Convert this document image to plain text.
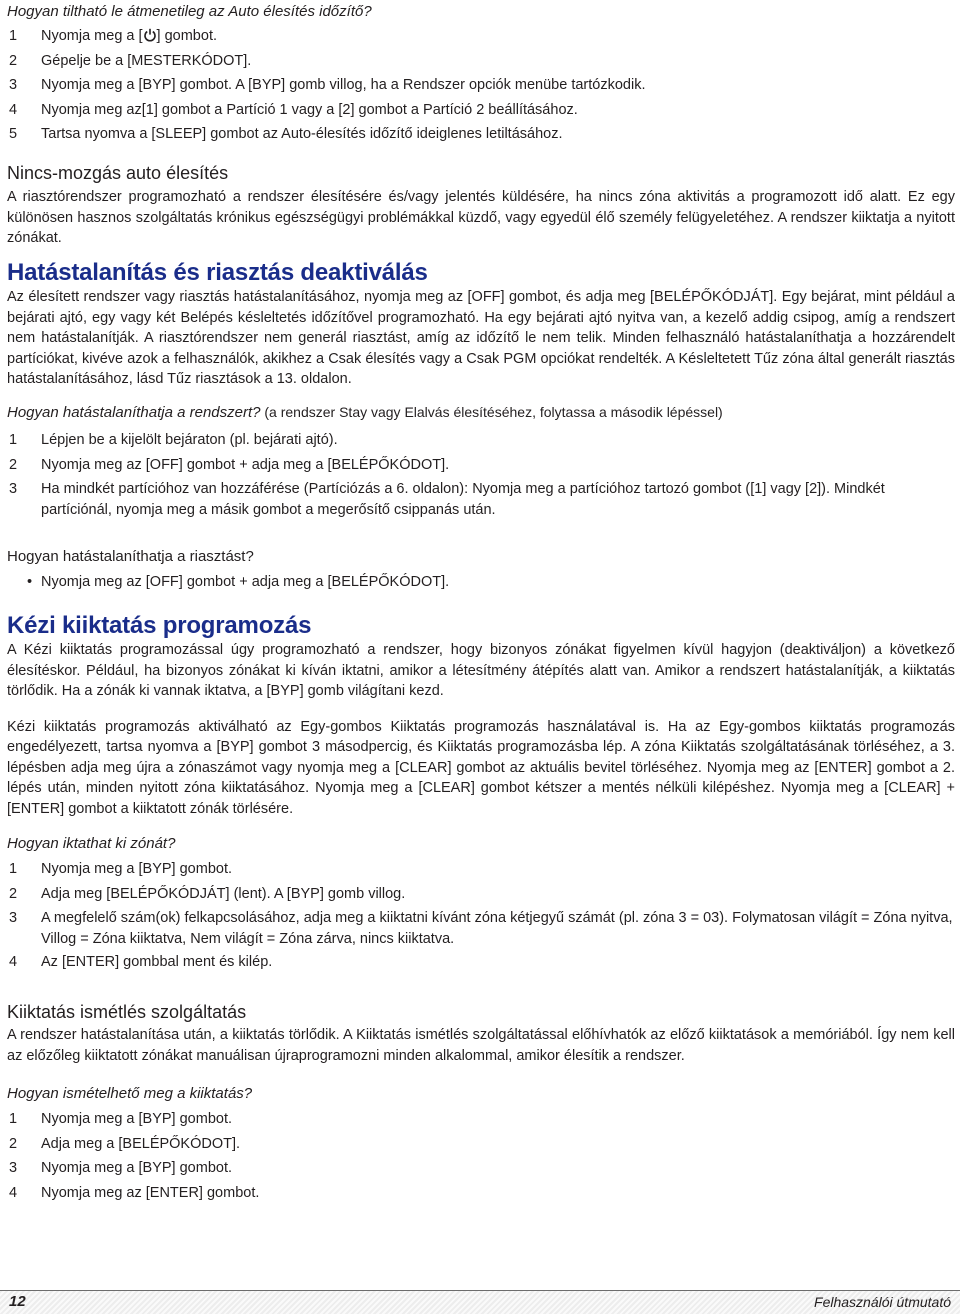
Hogyan tiltható le átmenetileg az Auto élesítés időzítő?

1 Nyomja meg a [ ] gombot.
2 Gépelje be a [MESTERKÓDOT].
3 Nyomja meg a [BYP] gombot. A [BYP] gomb villog, ha a Rendszer opciók menübe tartózkodik.
4 Nyomja meg az[1] gombot a Partíció 1 vagy a [2] gombot a Partíció 2 beállításához.
5 Tartsa nyomva a [SLEEP] gombot az Auto-élesítés időzítő ideiglenes letiltásához.
Nincs-mozgás auto élesítés

A riasztórendszer programozható a rendszer élesítésére és/vagy jelentés küldésére, ha nincs zóna aktivitás a programozott idő alatt. Ez egy különösen hasznos szolgáltatás krónikus egészségügyi problémákkal küzdő, vagy egyedül élő személy felügyeletéhez. A rendszer kiiktatja a nyitott zónákat.

Hatástalanítás és riasztás deaktiválás

Az élesített rendszer vagy riasztás hatástalanításához, nyomja meg az [OFF] gombot, és adja meg [BELÉPŐKÓDJÁT]. Egy bejárat, mint például a bejárati ajtó, egy vagy két Belépés késleltetés időzítővel programozható. Ha egy bejárati ajtó nyitva van, a kezelő addig csipog, amíg a rendszert nem hatástalanítják. A riasztórendszer nem generál riasztást, amíg az időzítő le nem telik. Minden felhasználó hatástalaníthatja a hozzárendelt partíciókat, kivéve azok a felhasználók, akikhez a Csak élesítés vagy a Csak PGM opciókat rendelték. A Késleltetett Tűz zóna által generált riasztás hatástalanításához, lásd Tűz riasztások a 13. oldalon.

Hogyan hatástalaníthatja a rendszert? (a rendszer Stay vagy Elalvás élesítéséhez, folytassa a második lépéssel)

1 Lépjen be a kijelölt bejáraton (pl. bejárati ajtó).
2 Nyomja meg az [OFF] gombot + adja meg a [BELÉPŐKÓDOT].
3 Ha mindkét partícióhoz van hozzáférése (Partíciózás a 6. oldalon): Nyomja meg a partícióhoz tartozó gombot ([1] vagy [2]). Mindkét partíciónál, nyomja meg a másik gombot a megerősítő csippanás után.

Hogyan hatástalaníthatja a riasztást?

• Nyomja meg az [OFF] gombot + adja meg a [BELÉPŐKÓDOT].
Kézi kiiktatás programozás

A Kézi kiiktatás programozással úgy programozható a rendszer, hogy bizonyos zónákat figyelmen kívül hagyjon (deaktiváljon) a következő élesítéskor. Például, ha bizonyos zónákat ki kíván iktatni, amikor a létesítmény átépítés alatt van. Amikor a rendszert hatástalanítják, a kiiktatás törlődik. Ha a zónák ki vannak iktatva, a [BYP] gomb világítani kezd.

Kézi kiiktatás programozás aktiválható az Egy-gombos Kiiktatás programozás használatával is. Ha az Egy-gombos kiiktatás programozás engedélyezett, tartsa nyomva a [BYP] gombot 3 másodpercig, és Kiiktatás programozásba lép. A zóna Kiiktatás szolgáltatásának törléséhez, a 3. lépésben adja meg újra a zónaszámot vagy nyomja meg a [CLEAR] gombot az aktuális bevitel törléséhez. Nyomja meg az [ENTER] gombot a 2. lépés után, minden nyitott zóna kiiktatásához. Nyomja meg a [CLEAR] gombot kétszer a mentés nélküli kilépéshez. Nyomja meg a [CLEAR] + [ENTER] gombot a kiiktatott zónák törlésére.

Hogyan iktathat ki zónát?

1 Nyomja meg a [BYP] gombot.
2 Adja meg [BELÉPŐKÓDJÁT] (lent). A [BYP] gomb villog.
3 A megfelelő szám(ok) felkapcsolásához, adja meg a kiiktatni kívánt zóna kétjegyű számát (pl. zóna 3 = 03). Folymatosan világít = Zóna nyitva, Villog = Zóna kiiktatva, Nem világít = Zóna zárva, nincs kiiktatva.
4 Az [ENTER] gombbal ment és kilép.
Kiiktatás ismétlés szolgáltatás

A rendszer hatástalanítása után, a kiiktatás törlődik. A Kiiktatás ismétlés szolgáltatással előhívhatók az előző kiiktatások a memóriából. Így nem kell az előzőleg kiiktatott zónákat manuálisan újraprogramozni minden alkalommal, amikor élesítik a rendszer.

Hogyan ismételhető meg a kiiktatás?

1 Nyomja meg a [BYP] gombot.
2 Adja meg a [BELÉPŐKÓDOT].
3 Nyomja meg a [BYP] gombot.
4 Nyomja meg az [ENTER] gombot.
12	Felhasználói útmutató
